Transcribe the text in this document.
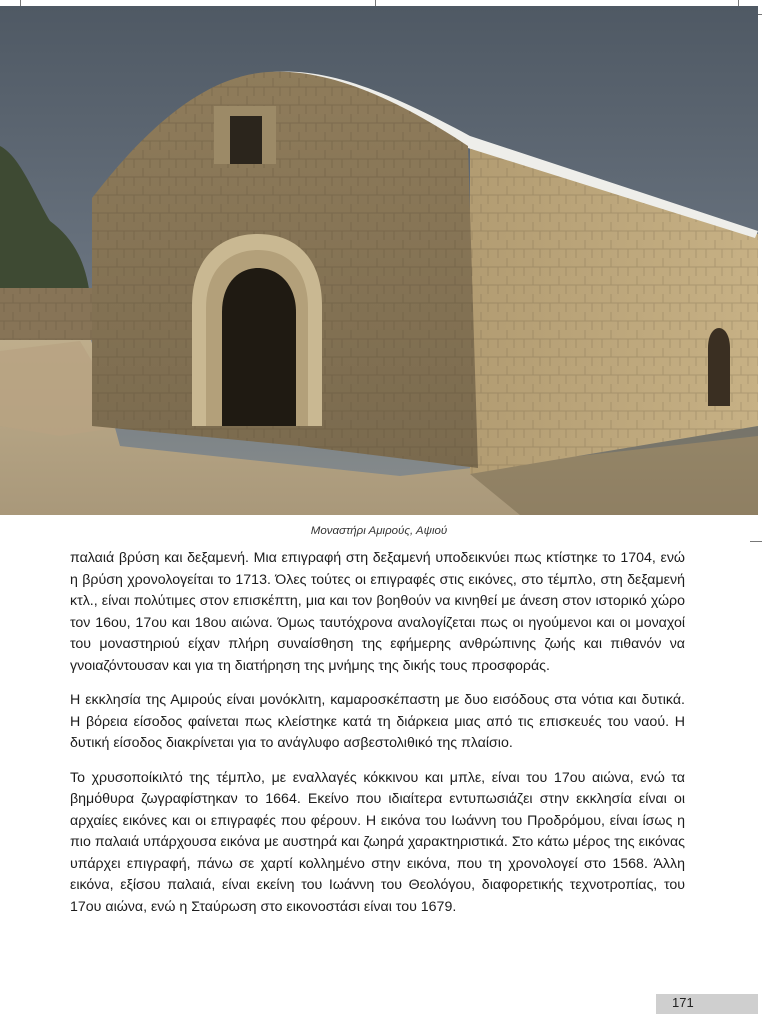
Μοναστήρι Αμιρούς, Αψιού

παλαιά βρύση και δεξαμενή. Μια επιγραφή στη δεξαμενή υποδεικνύει πως κτίστηκε το 1704, ενώ η βρύση χρονολογείται το 1713. Όλες τούτες οι επιγραφές στις εικόνες, στο τέμπλο, στη δεξαμενή κτλ., είναι πολύτιμες στον επισκέπτη, μια και τον βοηθούν να κινηθεί με άνεση στον ιστορικό χώρο τον 16ου, 17ου και 18ου αιώνα. Όμως ταυτόχρονα αναλογίζεται πως οι ηγούμενοι και οι μοναχοί του μοναστηριού είχαν πλήρη συναίσθηση της εφήμερης ανθρώπινης ζωής και πιθανόν να γνοιαζόντουσαν και για τη διατήρηση της μνήμης της δικής τους προσφοράς.

Η εκκλησία της Αμιρούς είναι μονόκλιτη, καμαροσκέπαστη με δυο εισόδους στα νότια και δυτικά. Η βόρεια είσοδος φαίνεται πως κλείστηκε κατά τη διάρκεια μιας από τις επισκευές του ναού. Η δυτική είσοδος διακρίνεται για το ανάγλυφο ασβεστολιθικό της πλαίσιο.

Το χρυσοποίκιλτό της τέμπλο, με εναλλαγές κόκκινου και μπλε, είναι του 17ου αιώνα, ενώ τα βημόθυρα ζωγραφίστηκαν το 1664. Εκείνο που ιδιαίτερα εντυπωσιάζει στην εκκλησία είναι οι αρχαίες εικόνες και οι επιγραφές που φέρουν. Η εικόνα του Ιωάννη του Προδρόμου, είναι ίσως η πιο παλαιά υπάρχουσα εικόνα με αυστηρά και ζωηρά χαρακτηριστικά. Στο κάτω μέρος της εικόνας υπάρχει επιγραφή, πάνω σε χαρτί κολλημένο στην εικόνα, που τη χρονολογεί στο 1568. Άλλη εικόνα, εξίσου παλαιά, είναι εκείνη του Ιωάννη του Θεολόγου, διαφορετικής τεχνοτροπίας, του 17ου αιώνα, ενώ η Σταύρωση στο εικονοστάσι είναι του 1679.

171
